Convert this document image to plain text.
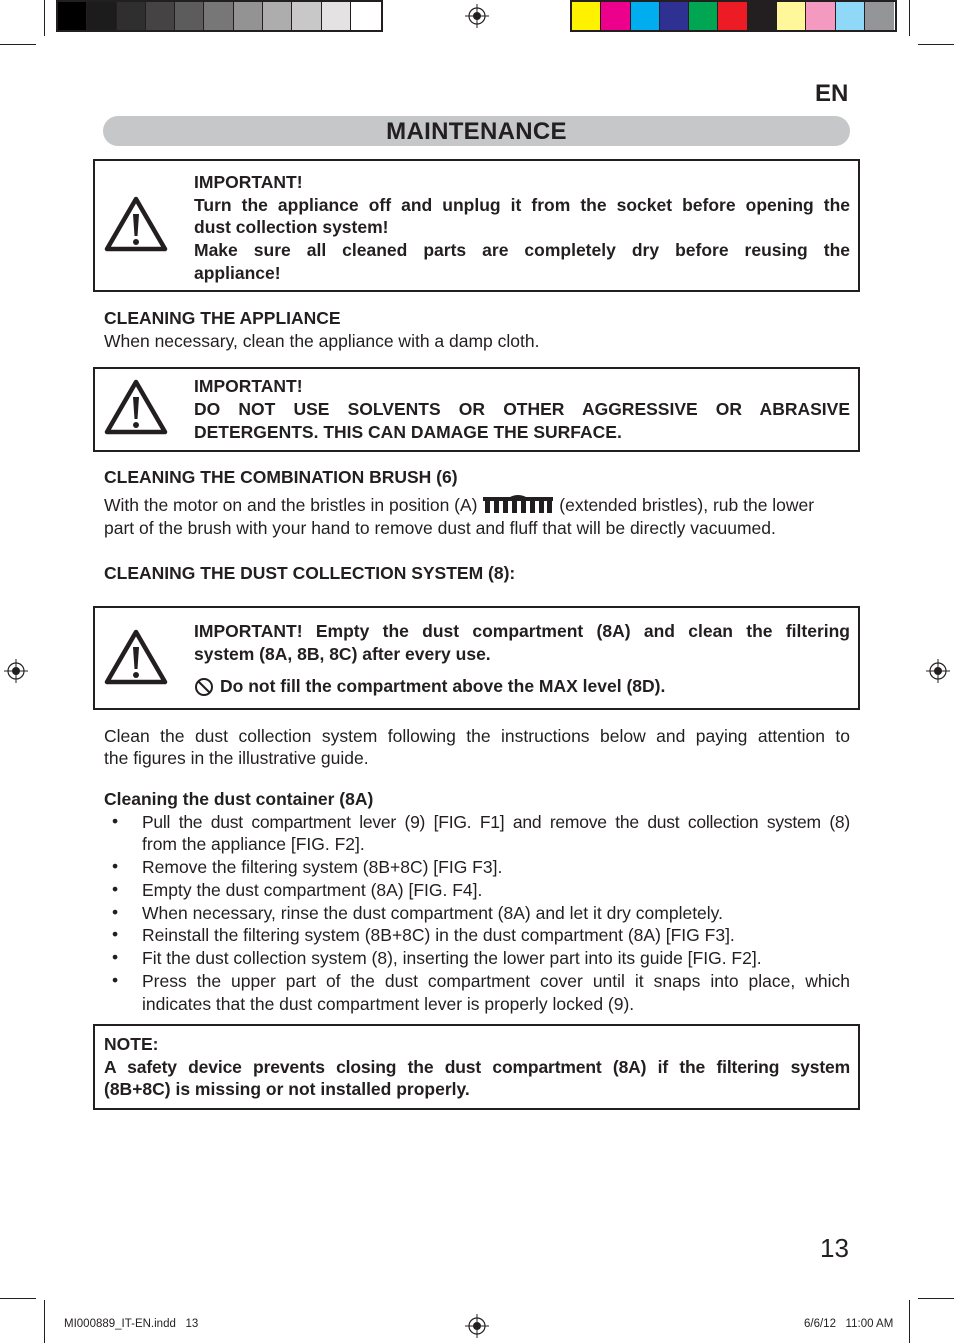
EN
MAINTENANCE
IMPORTANT!
Turn the appliance off and unplug it from the socket before opening the
dust collection system!
Make sure all cleaned parts are completely dry before reusing the
appliance!
CLEANING THE APPLIANCE
When necessary, clean the appliance with a damp cloth.
IMPORTANT!
DO NOT USE SOLVENTS OR OTHER AGGRESSIVE OR ABRASIVE
DETERGENTS. THIS CAN DAMAGE THE SURFACE.
CLEANING THE COMBINATION BRUSH (6)
With the motor on and the bristles in position (A)	(extended bristles), rub the lower
part of the brush with your hand to remove dust and fluff that will be directly vacuumed.
CLEANING THE DUST COLLECTION SYSTEM (8):
IMPORTANT! Empty the dust compartment (8A) and clean the filtering
system (8A, 8B, 8C) after every use.
Do not fill the compartment above the MAX level (8D).
Clean the dust collection system following the instructions below and paying attention to
the figures in the illustrative guide.
Cleaning the dust container (8A)
• Pull the dust compartment lever (9) [FIG. F1] and remove the dust collection system (8)
from the appliance [FIG. F2].
• Remove the filtering system (8B+8C) [FIG F3].
• Empty the dust compartment (8A) [FIG. F4].
• When necessary, rinse the dust compartment (8A) and let it dry completely.
• Reinstall the filtering system (8B+8C) in the dust compartment (8A) [FIG F3].
• Fit the dust collection system (8), inserting the lower part into its guide [FIG. F2].
• Press the upper part of the dust compartment cover until it snaps into place, which
indicates that the dust compartment lever is properly locked (9).
NOTE:
A safety device prevents closing the dust compartment (8A) if the filtering system
(8B+8C) is missing or not installed properly.
13
MI000889_IT-EN.indd   13	6/6/12   11:00 AM
